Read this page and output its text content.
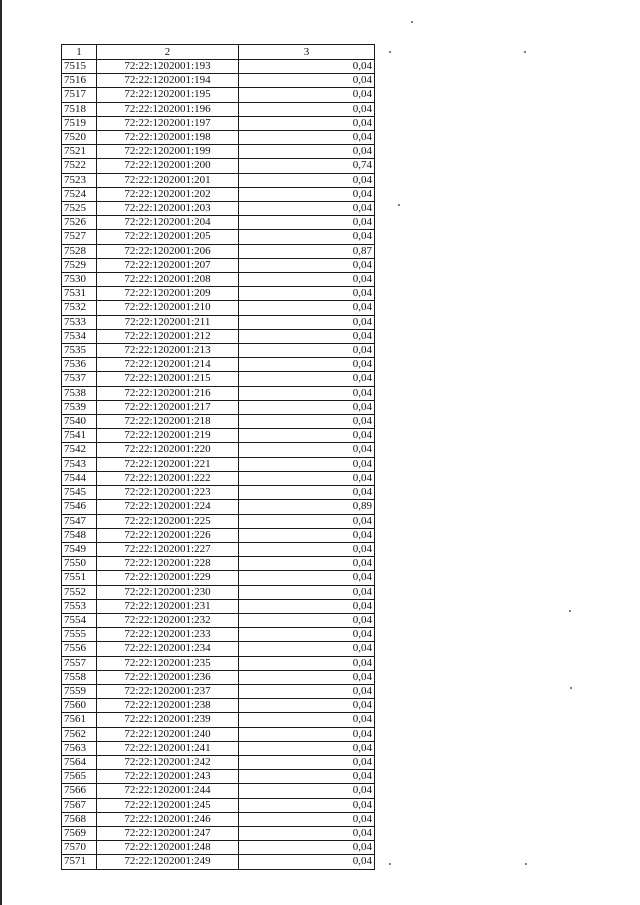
1	2	3
7515	72:22:1202001:193	0,04
7516	72:22:1202001:194	0,04
7517	72:22:1202001:195	0,04
7518	72:22:1202001:196	0,04
7519	72:22:1202001:197	0,04
7520	72:22:1202001:198	0,04
7521	72:22:1202001:199	0,04
7522	72:22:1202001:200	0,74
7523	72:22:1202001:201	0,04
7524	72:22:1202001:202	0,04
7525	72:22:1202001:203	0,04
7526	72:22:1202001:204	0,04
7527	72:22:1202001:205	0,04
7528	72:22:1202001:206	0,87
7529	72:22:1202001:207	0,04
7530	72:22:1202001:208	0,04
7531	72:22:1202001:209	0,04
7532	72:22:1202001:210	0,04
7533	72:22:1202001:211	0,04
7534	72:22:1202001:212	0,04
7535	72:22:1202001:213	0,04
7536	72:22:1202001:214	0,04
7537	72:22:1202001:215	0,04
7538	72:22:1202001:216	0,04
7539	72:22:1202001:217	0,04
7540	72:22:1202001:218	0,04
7541	72:22:1202001:219	0,04
7542	72:22:1202001:220	0,04
7543	72:22:1202001:221	0,04
7544	72:22:1202001:222	0,04
7545	72:22:1202001:223	0,04
7546	72:22:1202001:224	0,89
7547	72:22:1202001:225	0,04
7548	72:22:1202001:226	0,04
7549	72:22:1202001:227	0,04
7550	72:22:1202001:228	0,04
7551	72:22:1202001:229	0,04
7552	72:22:1202001:230	0,04
7553	72:22:1202001:231	0,04
7554	72:22:1202001:232	0,04
7555	72:22:1202001:233	0,04
7556	72:22:1202001:234	0,04
7557	72:22:1202001:235	0,04
7558	72:22:1202001:236	0,04
7559	72:22:1202001:237	0,04
7560	72:22:1202001:238	0,04
7561	72:22:1202001:239	0,04
7562	72:22:1202001:240	0,04
7563	72:22:1202001:241	0,04
7564	72:22:1202001:242	0,04
7565	72:22:1202001:243	0,04
7566	72:22:1202001:244	0,04
7567	72:22:1202001:245	0,04
7568	72:22:1202001:246	0,04
7569	72:22:1202001:247	0,04
7570	72:22:1202001:248	0,04
7571	72:22:1202001:249	0,04
